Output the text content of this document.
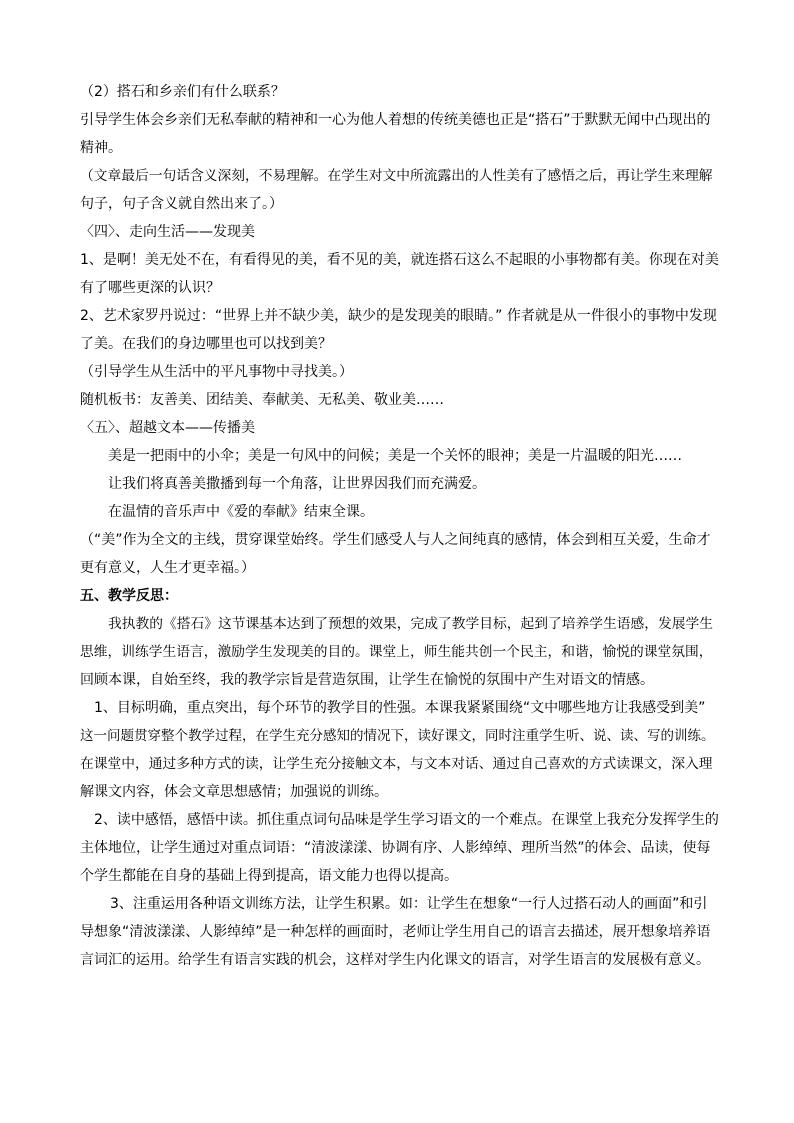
（2）搭石和乡亲们有什么联系？

引导学生体会乡亲们无私奉献的精神和一心为他人着想的传统美德也正是“搭石”于默默无闻中凸现出的

精神。

（文章最后一句话含义深刻，不易理解。在学生对文中所流露出的人性美有了感悟之后，再让学生来理解

句子，句子含义就自然出来了。）

〈四〉、走向生活——发现美

1、是啊！美无处不在，有看得见的美，看不见的美，就连搭石这么不起眼的小事物都有美。你现在对美

有了哪些更深的认识？

2、艺术家罗丹说过：“世界上并不缺少美，缺少的是发现美的眼睛。” 作者就是从一件很小的事物中发现

了美。在我们的身边哪里也可以找到美？

（引导学生从生活中的平凡事物中寻找美。）

随机板书：友善美、团结美、奉献美、无私美、敬业美……

〈五〉、超越文本——传播美

美是一把雨中的小伞；美是一句风中的问候；美是一个关怀的眼神；美是一片温暖的阳光……

让我们将真善美撒播到每一个角落，让世界因我们而充满爱。

在温情的音乐声中《爱的奉献》结束全课。

（“美”作为全文的主线，贯穿课堂始终。学生们感受人与人之间纯真的感情，体会到相互关爱，生命才

更有意义，人生才更幸福。）

五、教学反思：

我执教的《搭石》这节课基本达到了预想的效果，完成了教学目标，起到了培养学生语感，发展学生

思维，训练学生语言，激励学生发现美的目的。课堂上，师生能共创一个民主，和谐，愉悦的课堂氛围，

回顾本课，自始至终，我的教学宗旨是营造氛围，让学生在愉悦的氛围中产生对语文的情感。

1、目标明确，重点突出，每个环节的教学目的性强。本课我紧紧围绕“文中哪些地方让我感受到美”

这一问题贯穿整个教学过程，在学生充分感知的情况下，读好课文，同时注重学生听、说、读、写的训练。

在课堂中，通过多种方式的读，让学生充分接触文本，与文本对话、通过自己喜欢的方式读课文，深入理

解课文内容，体会文章思想感情；加强说的训练。

2、读中感悟，感悟中读。抓住重点词句品味是学生学习语文的一个难点。在课堂上我充分发挥学生的

主体地位，让学生通过对重点词语：“清波漾漾、协调有序、人影绰绰、理所当然”的体会、品读，使每

个学生都能在自身的基础上得到提高，语文能力也得以提高。

3、注重运用各种语文训练方法，让学生积累。如：让学生在想象“一行人过搭石动人的画面”和引

导想象“清波漾漾、人影绰绰”是一种怎样的画面时，老师让学生用自己的语言去描述，展开想象培养语

言词汇的运用。给学生有语言实践的机会，这样对学生内化课文的语言，对学生语言的发展极有意义。
